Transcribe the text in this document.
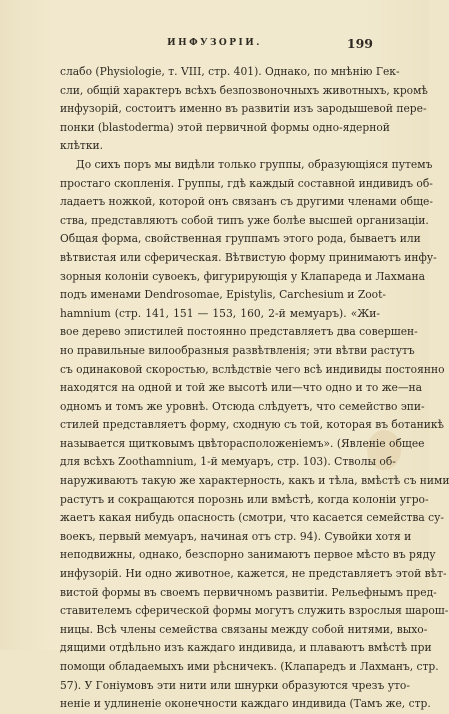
ИНФУЗОРІИ.	199
слабо (Physiologie, т. VIII, стр. 401). Однако, по мнѣнію Гек-
сли, общій характеръ всѣхъ безпозвоночныхъ животныхъ, кромѣ
инфузорій, состоитъ именно въ развитіи изъ зародышевой пере-
понки (blastoderma) этой первичной формы одно-ядерной
клѣтки.
До сихъ поръ мы видѣли только группы, образующіяся путемъ
простаго скопленія. Группы, гдѣ каждый составной индивидъ об-
ладаетъ ножкой, которой онъ связанъ съ другими членами обще-
ства, представляютъ собой типъ уже болѣе высшей организаціи.
Общая форма, свойственная группамъ этого рода, бываетъ или
вѣтвистая или сферическая. Вѣтвистую форму принимаютъ инфу-
зорныя колоніи сувоекъ, фигурирующія у Клапареда и Лахмана
подъ именами Dendrosomae, Epistylis, Carchesium и Zoot-
hamnium (стр. 141, 151 — 153, 160, 2-й мемуаръ). «Жи-
вое дерево эпистилей постоянно представляетъ два совершен-
но правильные вилообразныя развѣтвленія; эти вѣтви растутъ
съ одинаковой скоростью, вслѣдствіе чего всѣ индивиды постоянно
находятся на одной и той же высотѣ или—что одно и то же—на
одномъ и томъ же уровнѣ. Отсюда слѣдуетъ, что семейство эпи-
стилей представляетъ форму, сходную съ той, которая въ ботаникѣ
называется щитковымъ цвѣторасположеніемъ». (Явленіе общее
для всѣхъ Zoothamnium, 1-й мемуаръ, стр. 103). Стволы об-
наруживаютъ такую же характерность, какъ и тѣла, вмѣстѣ съ ними
растутъ и сокращаются порознь или вмѣстѣ, когда колоніи угро-
жаетъ какая нибудь опасность (смотри, что касается семейства су-
воекъ, первый мемуаръ, начиная отъ стр. 94). Сувойки хотя и
неподвижны, однако, безспорно занимаютъ первое мѣсто въ ряду
инфузорій. Ни одно животное, кажется, не представляетъ этой вѣт-
вистой формы въ своемъ первичномъ развитіи. Рельефнымъ пред-
ставителемъ сферической формы могутъ служить взрослыя шарош-
ницы. Всѣ члены семейства связаны между собой нитями, выхо-
дящими отдѣльно изъ каждаго индивида, и плаваютъ вмѣстѣ при
помощи обладаемыхъ ими рѣсничекъ. (Клапаредъ и Лахманъ, стр.
57). У Гоніумовъ эти нити или шнурки образуются чрезъ уто-
неніе и удлиненіе оконечности каждаго индивида (Тамъ же, стр.
